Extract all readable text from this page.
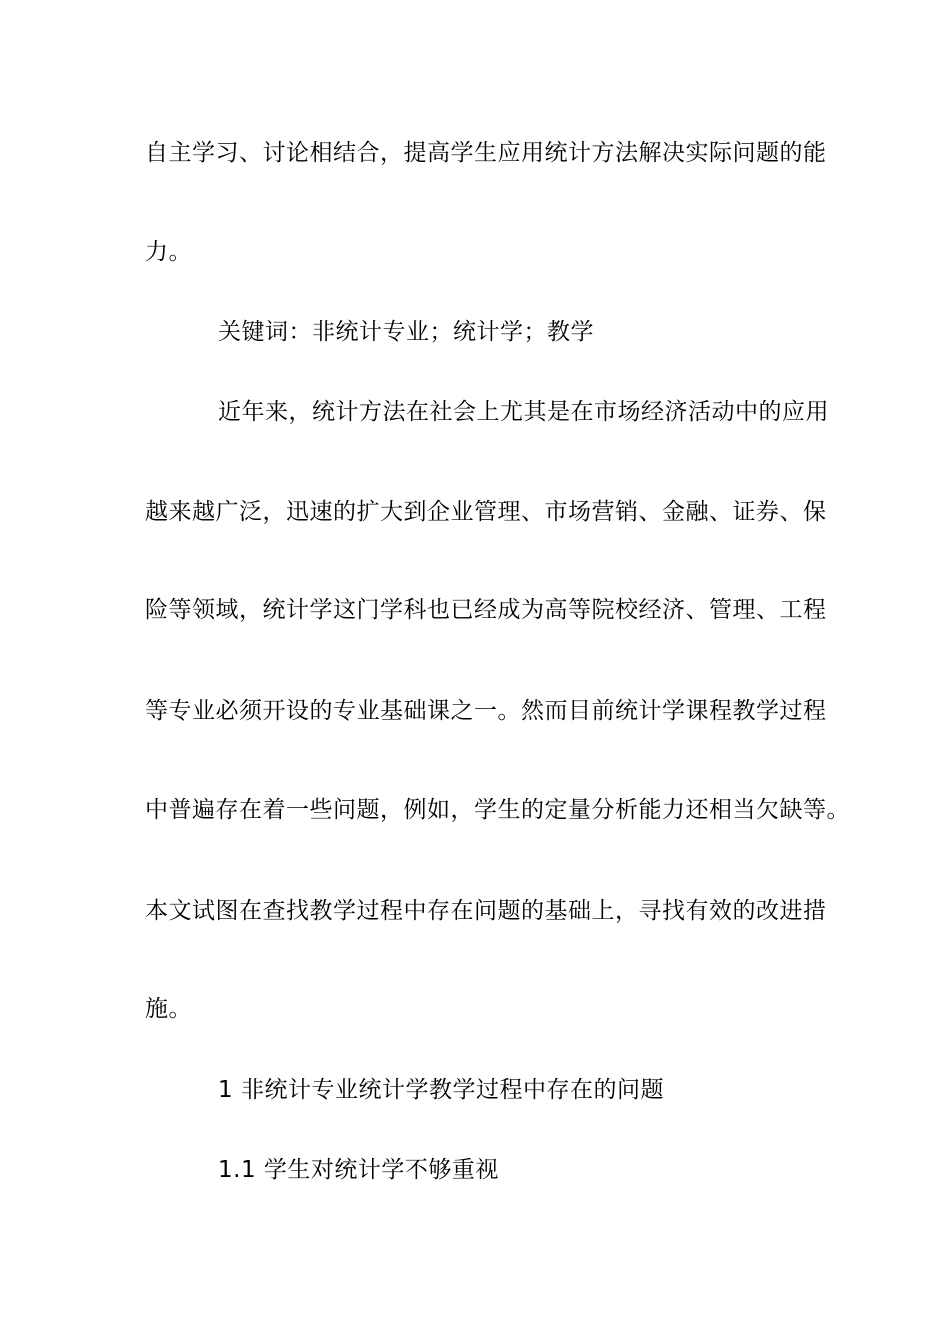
自主学习、讨论相结合，提高学生应用统计方法解决实际问题的能
力。
关键词：非统计专业；统计学；教学
近年来，统计方法在社会上尤其是在市场经济活动中的应用
越来越广泛，迅速的扩大到企业管理、市场营销、金融、证券、保
险等领域，统计学这门学科也已经成为高等院校经济、管理、工程
等专业必须开设的专业基础课之一。然而目前统计学课程教学过程
中普遍存在着一些问题，例如，学生的定量分析能力还相当欠缺等。
本文试图在查找教学过程中存在问题的基础上，寻找有效的改进措
施。
1 非统计专业统计学教学过程中存在的问题
1.1 学生对统计学不够重视
